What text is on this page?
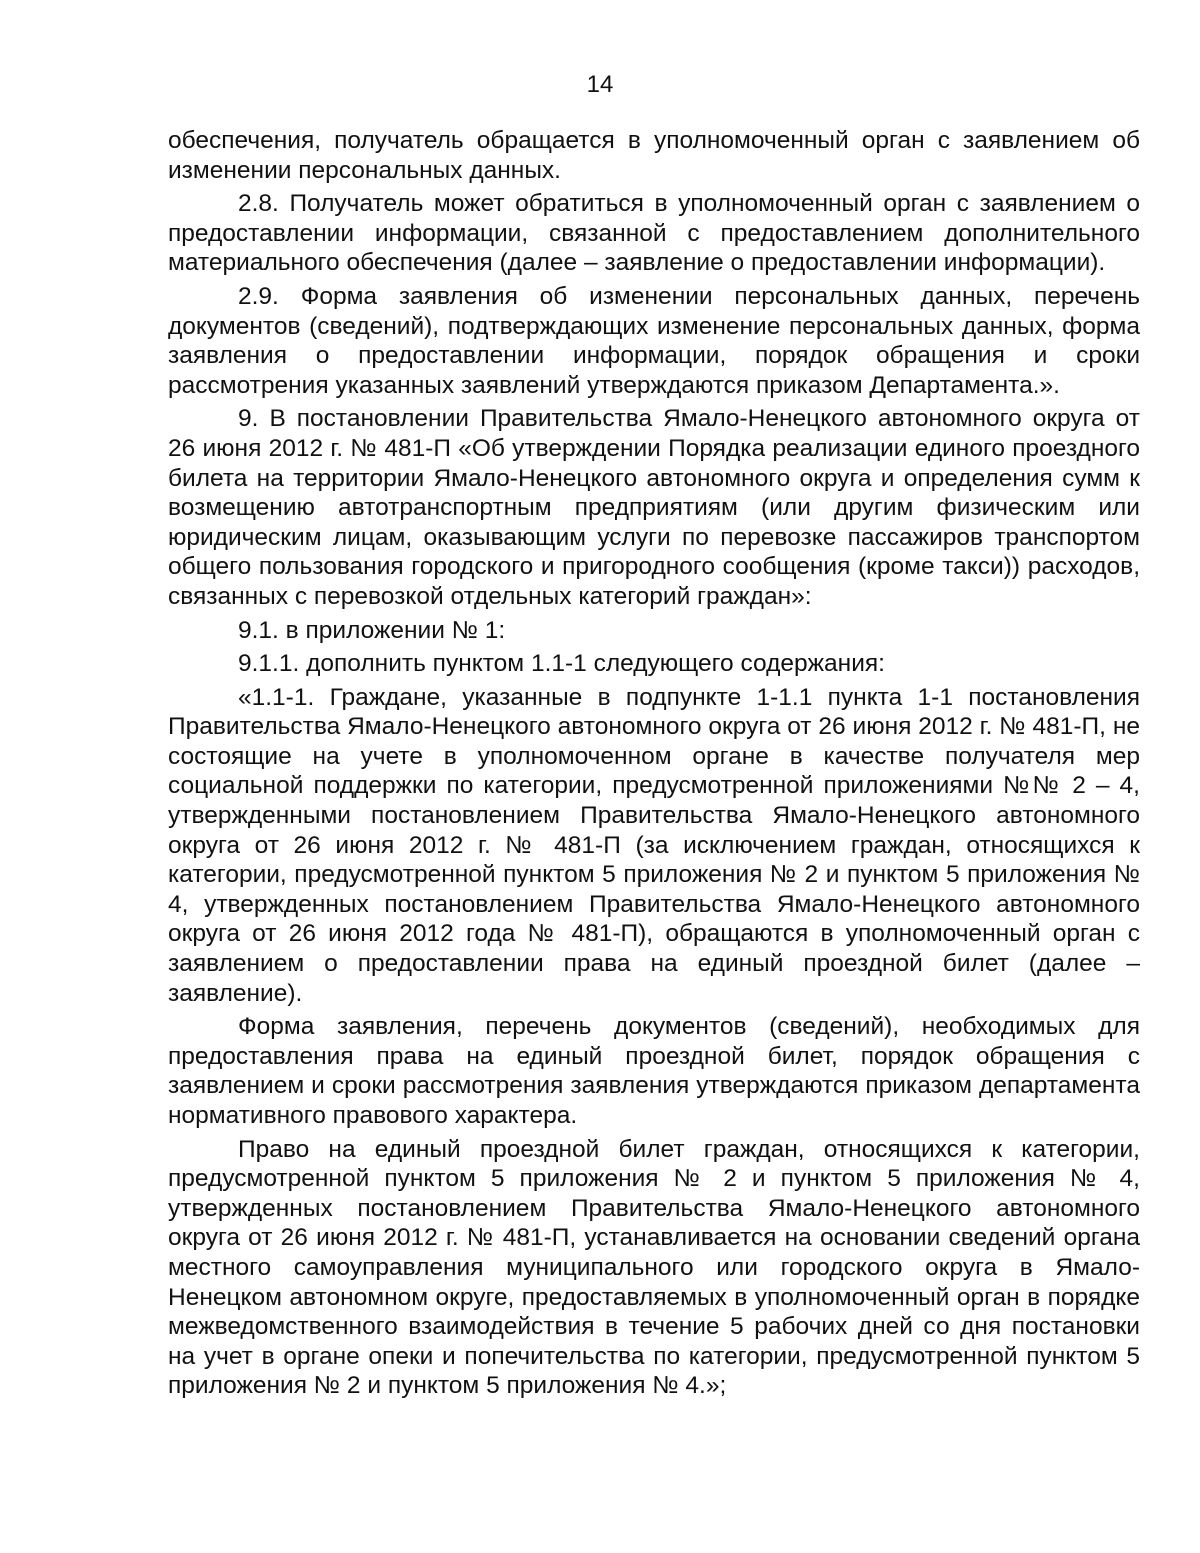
14

обеспечения, получатель обращается в уполномоченный орган с заявлением об изменении персональных данных.

2.8. Получатель может обратиться в уполномоченный орган с заявлением о предоставлении информации, связанной с предоставлением дополнительного материального обеспечения (далее – заявление о предоставлении информации).

2.9. Форма заявления об изменении персональных данных, перечень документов (сведений), подтверждающих изменение персональных данных, форма заявления о предоставлении информации, порядок обращения и сроки рассмотрения указанных заявлений утверждаются приказом Департамента.».

9. В постановлении Правительства Ямало-Ненецкого автономного округа от 26 июня 2012 г. № 481-П «Об утверждении Порядка реализации единого проездного билета на территории Ямало-Ненецкого автономного округа и определения сумм к возмещению автотранспортным предприятиям (или другим физическим или юридическим лицам, оказывающим услуги по перевозке пассажиров транспортом общего пользования городского и пригородного сообщения (кроме такси)) расходов, связанных с перевозкой отдельных категорий граждан»:

9.1. в приложении № 1:

9.1.1. дополнить пунктом 1.1-1 следующего содержания:

«1.1-1. Граждане, указанные в подпункте 1-1.1 пункта 1-1 постановления Правительства Ямало-Ненецкого автономного округа от 26 июня 2012 г. № 481-П, не состоящие на учете в уполномоченном органе в качестве получателя мер социальной поддержки по категории, предусмотренной приложениями №№ 2 – 4, утвержденными постановлением Правительства Ямало-Ненецкого автономного округа от 26 июня 2012 г. № 481-П (за исключением граждан, относящихся к категории, предусмотренной пунктом 5 приложения № 2 и пунктом 5 приложения № 4, утвержденных постановлением Правительства Ямало-Ненецкого автономного округа от 26 июня 2012 года № 481-П), обращаются в уполномоченный орган с заявлением о предоставлении права на единый проездной билет (далее – заявление).

Форма заявления, перечень документов (сведений), необходимых для предоставления права на единый проездной билет, порядок обращения с заявлением и сроки рассмотрения заявления утверждаются приказом департамента нормативного правового характера.

Право на единый проездной билет граждан, относящихся к категории, предусмотренной пунктом 5 приложения № 2 и пунктом 5 приложения № 4, утвержденных постановлением Правительства Ямало-Ненецкого автономного округа от 26 июня 2012 г. № 481-П, устанавливается на основании сведений органа местного самоуправления муниципального или городского округа в Ямало-Ненецком автономном округе, предоставляемых в уполномоченный орган в порядке межведомственного взаимодействия в течение 5 рабочих дней со дня постановки на учет в органе опеки и попечительства по категории, предусмотренной пунктом 5 приложения № 2 и пунктом 5 приложения № 4.»;
